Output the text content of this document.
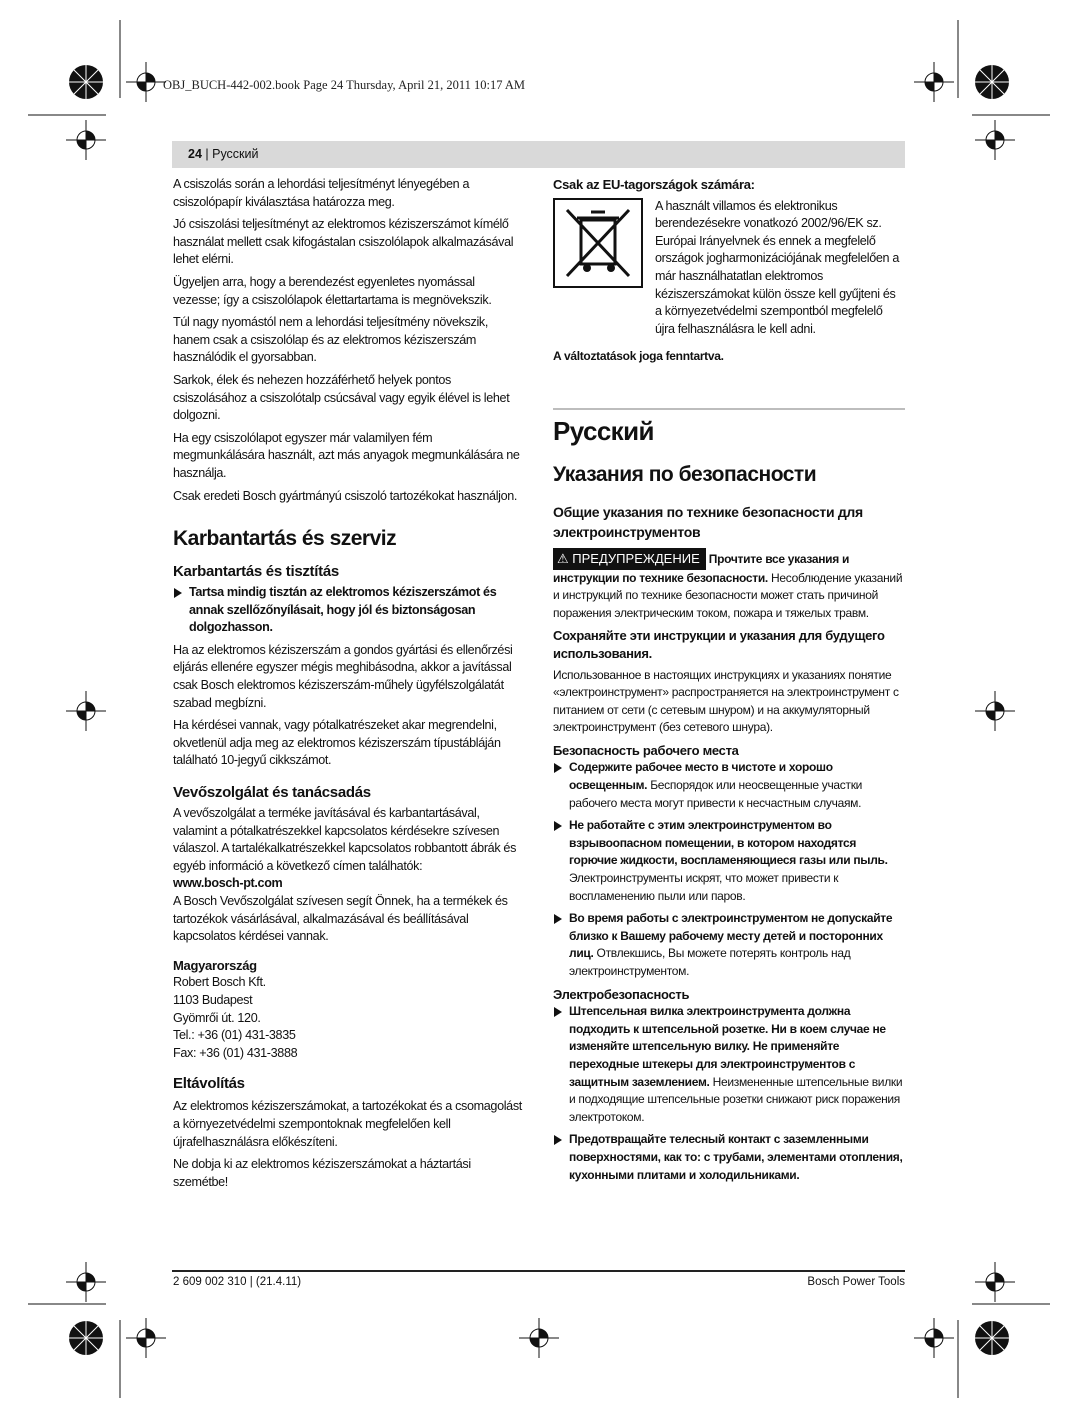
OBJ_BUCH-442-002.book Page 24 Thursday, April 21, 2011 10:17 AM
24 | Русский

A csiszolás során a lehordási teljesítményt lényegében a csiszolópapír kiválasztása határozza meg.

Jó csiszolási teljesítményt az elektromos kéziszerszámot kímélő használat mellett csak kifogástalan csiszolólapok alkalmazásával lehet elérni.

Ügyeljen arra, hogy a berendezést egyenletes nyomással vezesse; így a csiszolólapok élettartartama is megnövekszik.

Túl nagy nyomástól nem a lehordási teljesítmény növekszik, hanem csak a csiszolólap és az elektromos kéziszerszám használódik el gyorsabban.

Sarkok, élek és nehezen hozzáférhető helyek pontos csiszolásához a csiszolótalp csúcsával vagy egyik élével is lehet dolgozni.

Ha egy csiszolólapot egyszer már valamilyen fém megmunkálására használt, azt más anyagok megmunkálására ne használja.

Csak eredeti Bosch gyártmányú csiszoló tartozékokat használjon.

Karbantartás és szerviz
Karbantartás és tisztítás

Tartsa mindig tisztán az elektromos kéziszerszámot és annak szellőzőnyílásait, hogy jól és biztonságosan dolgozhasson.

Ha az elektromos kéziszerszám a gondos gyártási és ellenőrzési eljárás ellenére egyszer mégis meghibásodna, akkor a javítással csak Bosch elektromos kéziszerszám-műhely ügyfélszolgálatát szabad megbízni.

Ha kérdései vannak, vagy pótalkatrészeket akar megrendelni, okvetlenül adja meg az elektromos kéziszerszám típustábláján található 10-jegyű cikkszámot.

Vevőszolgálat és tanácsadás

A vevőszolgálat a terméke javításával és karbantartásával, valamint a pótalkatrészekkel kapcsolatos kérdésekre szívesen válaszol. A tartalékalkatrészekkel kapcsolatos robbantott ábrák és egyéb információ a következő címen találhatók:

www.bosch-pt.com

A Bosch Vevőszolgálat szívesen segít Önnek, ha a termékek és tartozékok vásárlásával, alkalmazásával és beállításával kapcsolatos kérdései vannak.

Magyarország
Robert Bosch Kft.
1103 Budapest
Gyömrői út. 120.
Tel.: +36 (01) 431-3835
Fax: +36 (01) 431-3888
Eltávolítás

Az elektromos kéziszerszámokat, a tartozékokat és a csomagolást a környezetvédelmi szempontoknak megfelelően kell újrafelhasználásra előkészíteni.

Ne dobja ki az elektromos kéziszerszámokat a háztartási szemétbe!

Csak az EU-tagországok számára:
A használt villamos és elektronikus berendezésekre vonatkozó 2002/96/EK sz. Európai Irányelvnek és ennek a megfelelő országok jogharmonizációjának megfelelően a már használhatatlan elektromos kéziszerszámokat külön össze kell gyűjteni és a környezetvédelmi szempontból megfelelő újra felhasználásra le kell adni.
A változtatások joga fenntartva.
Русский
Указания по безопасности
Общие указания по технике безопасности для электроинструментов

⚠ ПРЕДУПРЕЖДЕНИЕ Прочтите все указания и инструкции по технике безопасности. Несоблюдение указаний и инструкций по технике безопасности может стать причиной поражения электрическим током, пожара и тяжелых травм.

Сохраняйте эти инструкции и указания для будущего использования.

Использованное в настоящих инструкциях и указаниях понятие «электроинструмент» распространяется на электроинструмент с питанием от сети (с сетевым шнуром) и на аккумуляторный электроинструмент (без сетевого шнура).

Безопасность рабочего места

Содержите рабочее место в чистоте и хорошо освещенным. Беспорядок или неосвещенные участки рабочего места могут привести к несчастным случаям.

Не работайте с этим электроинструментом во взрывоопасном помещении, в котором находятся горючие жидкости, воспламеняющиеся газы или пыль. Электроинструменты искрят, что может привести к воспламенению пыли или паров.

Во время работы с электроинструментом не допускайте близко к Вашему рабочему месту детей и посторонних лиц. Отвлекшись, Вы можете потерять контроль над электроинструментом.

Электробезопасность

Штепсельная вилка электроинструмента должна подходить к штепсельной розетке. Ни в коем случае не изменяйте штепсельную вилку. Не применяйте переходные штекеры для электроинструментов с защитным заземлением. Неизмененные штепсельные вилки и подходящие штепсельные розетки снижают риск поражения электротоком.

Предотвращайте телесный контакт с заземленными поверхностями, как то: с трубами, элементами отопления, кухонными плитами и холодильниками.

2 609 002 310 | (21.4.11)	Bosch Power Tools
